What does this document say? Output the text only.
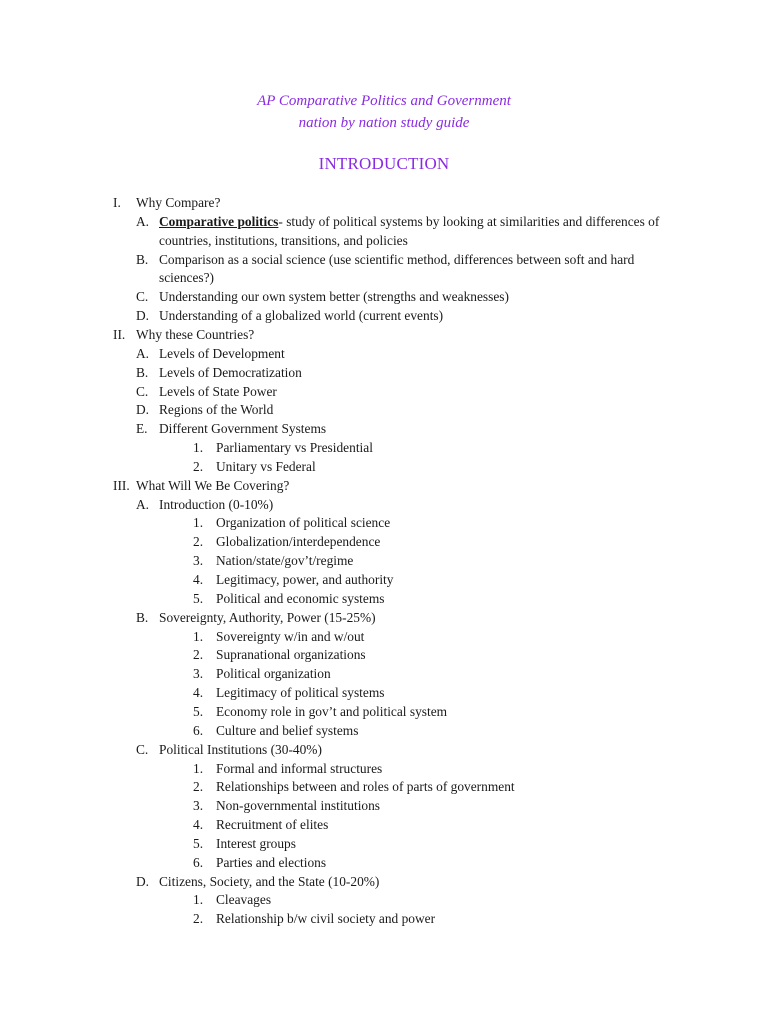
AP Comparative Politics and Government
nation by nation study guide
INTRODUCTION
I. Why Compare?
A. Comparative politics- study of political systems by looking at similarities and differences of
countries, institutions, transitions, and policies
B. Comparison as a social science (use scientific method, differences between soft and hard
sciences?)
C. Understanding our own system better (strengths and weaknesses)
D. Understanding of a globalized world (current events)
II. Why these Countries?
A. Levels of Development
B. Levels of Democratization
C. Levels of State Power
D. Regions of the World
E. Different Government Systems
1. Parliamentary vs Presidential
2. Unitary vs Federal
III. What Will We Be Covering?
A. Introduction (0-10%)
1. Organization of political science
2. Globalization/interdependence
3. Nation/state/gov’t/regime
4. Legitimacy, power, and authority
5. Political and economic systems
B. Sovereignty, Authority, Power (15-25%)
1. Sovereignty w/in and w/out
2. Supranational organizations
3. Political organization
4. Legitimacy of political systems
5. Economy role in gov’t and political system
6. Culture and belief systems
C. Political Institutions (30-40%)
1. Formal and informal structures
2. Relationships between and roles of parts of government
3. Non-governmental institutions
4. Recruitment of elites
5. Interest groups
6. Parties and elections
D. Citizens, Society, and the State (10-20%)
1. Cleavages
2. Relationship b/w civil society and power
